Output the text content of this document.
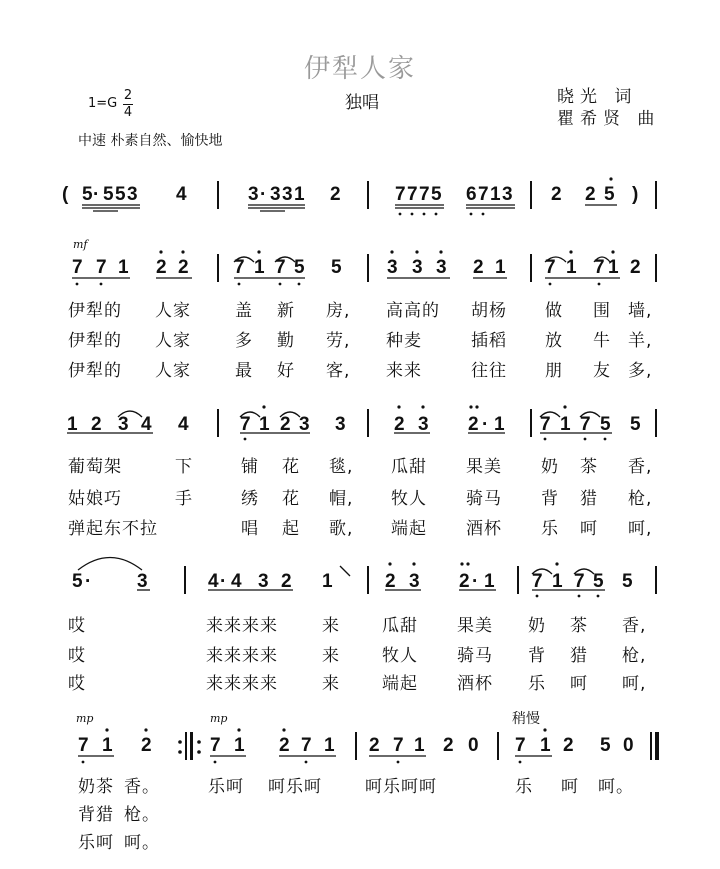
伊犁人家
独唱
$1=G \frac{2}{4}$	晓光 词
瞿希贤 曲
中速 朴素自然、愉快地
mf
mp	mp	稍慢
( 5 · 5 5 3 4	3 · 3 3 1 2	7 7 7 5 6 7 1 3 2 2 5 )
7 7 1 2 2 7 1 7 5 5 3 3 3 2 1 7 1 7 1 2
伊犁的 人家	盖 新 房, 高高的 胡杨 做 围 墙,
伊犁的 人家	多 勤 劳, 种麦	插稻 放 牛 羊,
伊犁的 人家	最 好 客, 来来	往往 朋 友 多,
1 2 3 4 4	7 1 2 3 3	2 3 2 · 1 7 1 7 5 5
葡萄架	下	铺 花 毯, 瓜甜 果美 奶 茶 香,
姑娘巧	手	绣 花 帽, 牧人 骑马 背 猎 枪,
弹起东不拉	唱 起 歌, 端起 酒杯 乐 呵 呵,
5 · 3	4 · 4 3 2 1	2 3 2 · 1 7 1 7 5 5
哎	来来来来	来 瓜甜 果美 奶 茶 香,
哎	来来来来	来 牧人 骑马 背 猎 枪,
哎	来来来来	来 端起 酒杯 乐 呵 呵,
7 1 2	7 1 2 7 1 2 7 1 2 0 7 1 2 5 0
奶茶 香。	乐呵 呵乐呵	呵乐呵呵	乐 呵 呵。
背猎 枪。
乐呵 呵。
